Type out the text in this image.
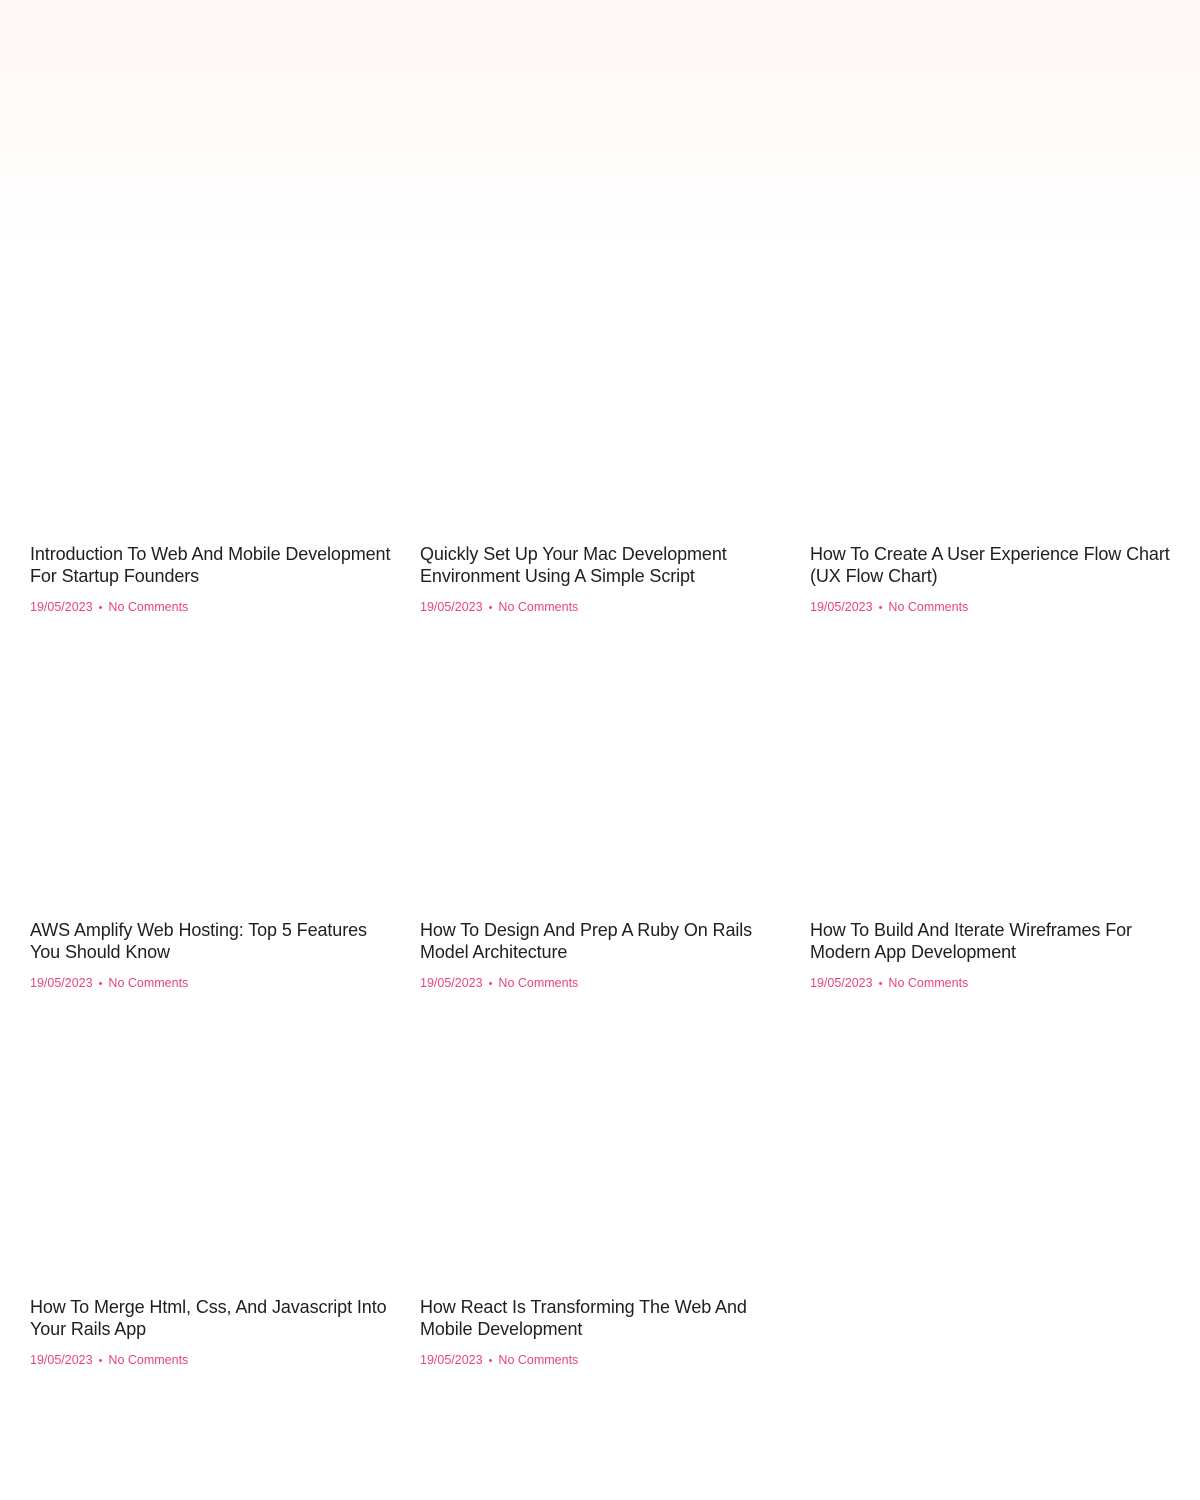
Introduction To Web And Mobile Development For Startup Founders
19/05/2023 • No Comments
Quickly Set Up Your Mac Development Environment Using A Simple Script
19/05/2023 • No Comments
How To Create A User Experience Flow Chart (UX Flow Chart)
19/05/2023 • No Comments
AWS Amplify Web Hosting: Top 5 Features You Should Know
19/05/2023 • No Comments
How To Design And Prep A Ruby On Rails Model Architecture
19/05/2023 • No Comments
How To Build And Iterate Wireframes For Modern App Development
19/05/2023 • No Comments
How To Merge Html, Css, And Javascript Into Your Rails App
19/05/2023 • No Comments
How React Is Transforming The Web And Mobile Development
19/05/2023 • No Comments
